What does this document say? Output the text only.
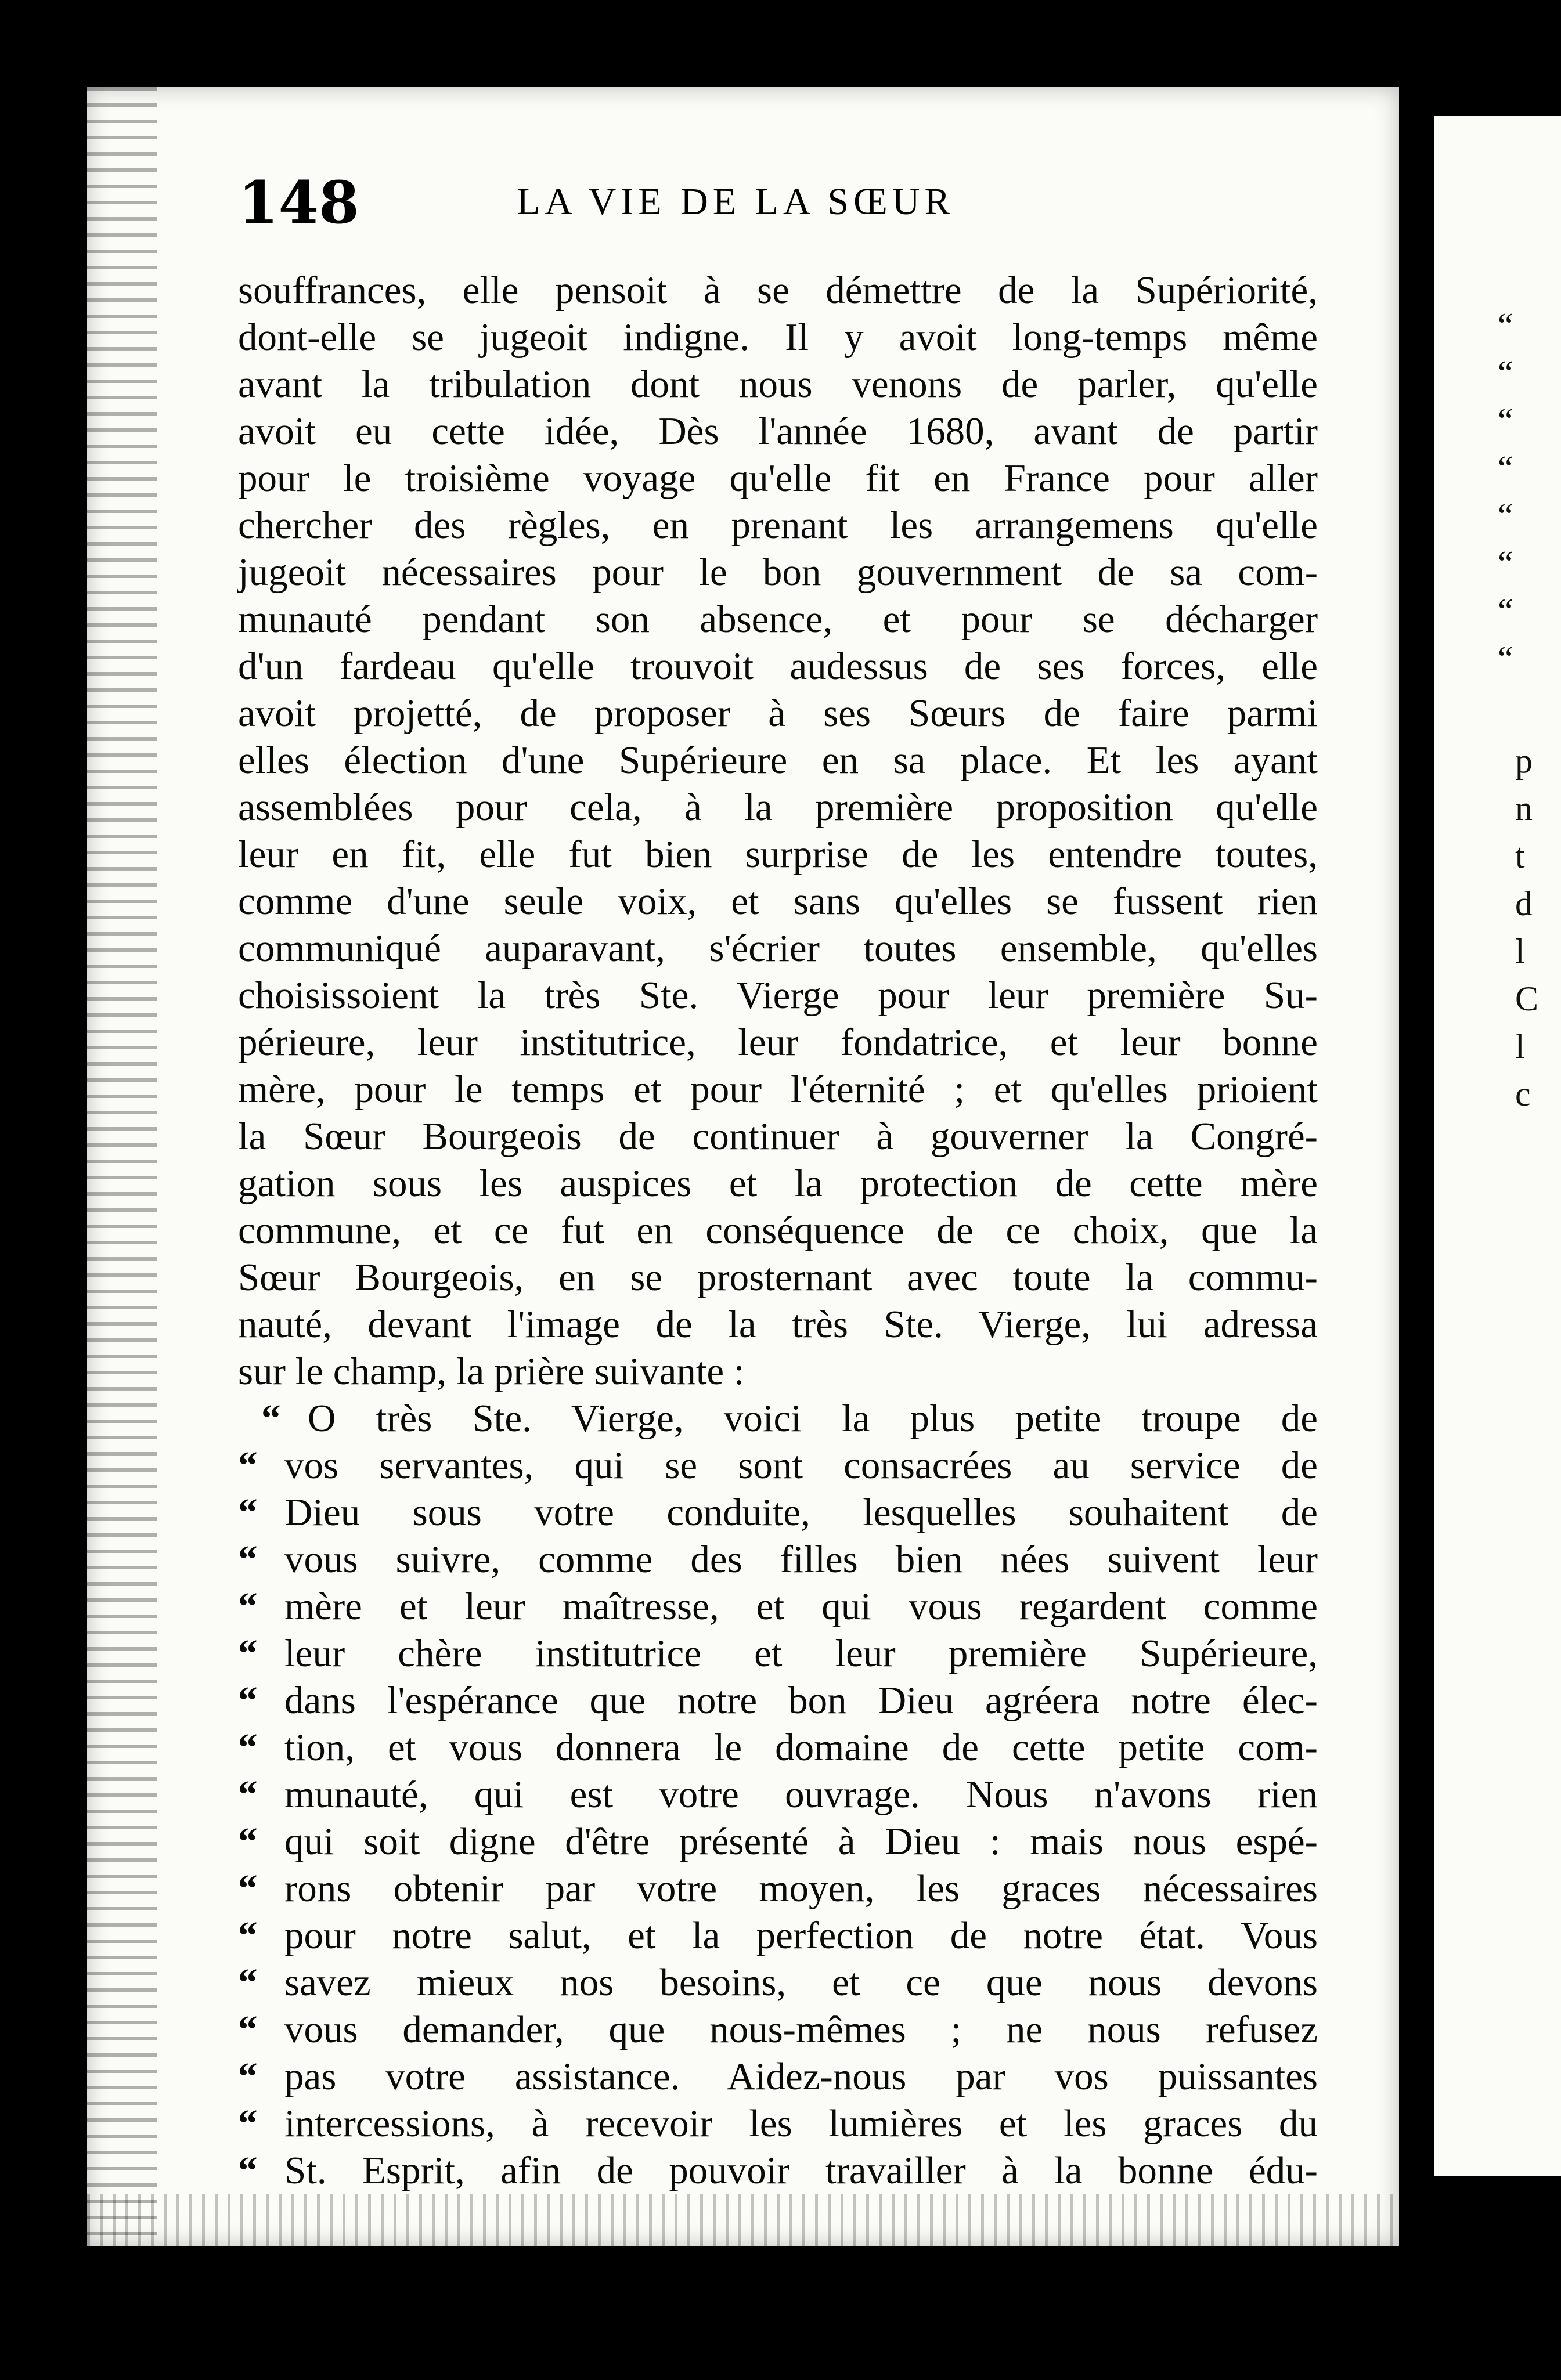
148	LA VIE DE LA SŒUR
souffrances, elle pensoit à se démettre de la Supériorité,
dont-elle se jugeoit indigne. Il y avoit long-temps même
avant la tribulation dont nous venons de parler, qu'elle
avoit eu cette idée, Dès l'année 1680, avant de partir
pour le troisième voyage qu'elle fit en France pour aller
chercher des règles, en prenant les arrangemens qu'elle
jugeoit nécessaires pour le bon gouvernment de sa com-
munauté pendant son absence, et pour se décharger
d'un fardeau qu'elle trouvoit audessus de ses forces, elle
avoit projetté, de proposer à ses Sœurs de faire parmi
elles élection d'une Supérieure en sa place. Et les ayant
assemblées pour cela, à la première proposition qu'elle
leur en fit, elle fut bien surprise de les entendre toutes,
comme d'une seule voix, et sans qu'elles se fussent rien
communiqué auparavant, s'écrier toutes ensemble, qu'elles
choisissoient la très Ste. Vierge pour leur première Su-
périeure, leur institutrice, leur fondatrice, et leur bonne
mère, pour le temps et pour l'éternité ; et qu'elles prioient
la Sœur Bourgeois de continuer à gouverner la Congré-
gation sous les auspices et la protection de cette mère
commune, et ce fut en conséquence de ce choix, que la
Sœur Bourgeois, en se prosternant avec toute la commu-
nauté, devant l'image de la très Ste. Vierge, lui adressa
sur le champ, la prière suivante :
“ O très Ste. Vierge, voici la plus petite troupe de
“ vos servantes, qui se sont consacrées au service de
“ Dieu sous votre conduite, lesquelles souhaitent de
“ vous suivre, comme des filles bien nées suivent leur
“ mère et leur maîtresse, et qui vous regardent comme
“ leur chère institutrice et leur première Supérieure,
“ dans l'espérance que notre bon Dieu agréera notre élec-
“ tion, et vous donnera le domaine de cette petite com-
“ munauté, qui est votre ouvrage. Nous n'avons rien
“ qui soit digne d'être présenté à Dieu : mais nous espé-
“ rons obtenir par votre moyen, les graces nécessaires
“ pour notre salut, et la perfection de notre état. Vous
“ savez mieux nos besoins, et ce que nous devons
“ vous demander, que nous-mêmes ; ne nous refusez
“ pas votre assistance. Aidez-nous par vos puissantes
“ intercessions, à recevoir les lumières et les graces du
“ St. Esprit, afin de pouvoir travailler à la bonne édu-
“
“
“
“
“
“
“
“
p
n
t
d
l
C
l
c
